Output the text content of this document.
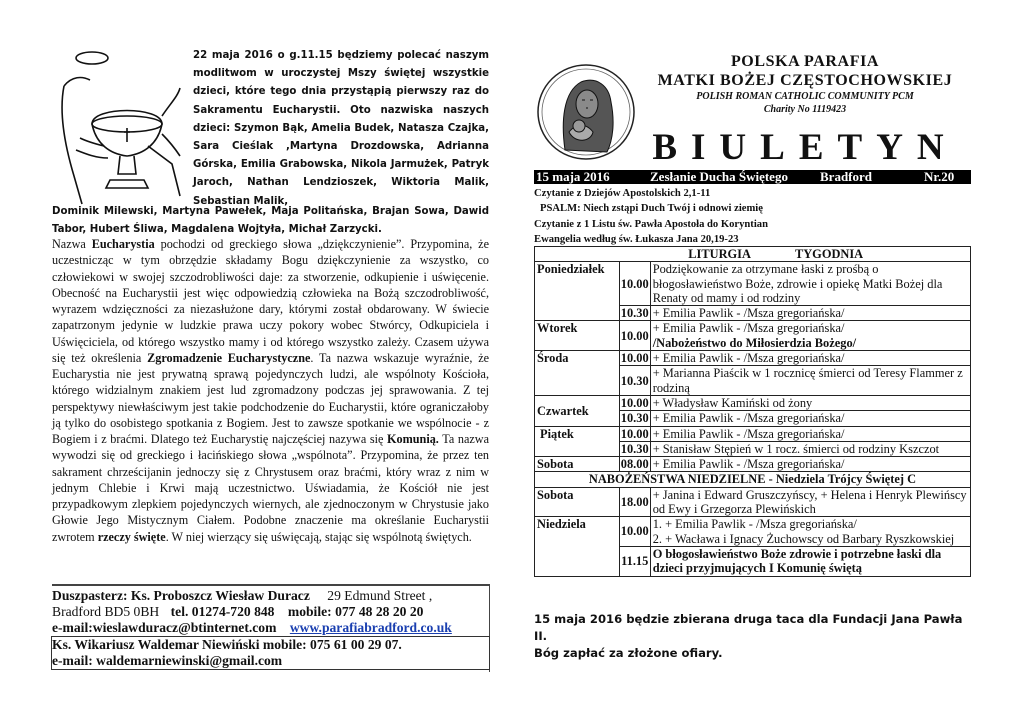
22 maja 2016 o g.11.15 będziemy polecać naszym modlitwom w uroczystej Mszy świętej wszystkie dzieci, które tego dnia przystąpią pierwszy raz do Sakramentu Eucharystii. Oto nazwiska naszych dzieci: Szymon Bąk, Amelia Budek, Natasza Czajka, Sara Cieślak ,Martyna Drozdowska, Adrianna Górska, Emilia Grabowska, Nikola Jarmużek, Patryk Jaroch, Nathan Lendzioszek, Wiktoria Malik, Sebastian Malik,
Dominik Milewski, Martyna Pawełek, Maja Politańska, Brajan Sowa, Dawid Tabor, Hubert Śliwa, Magdalena Wojtyła, Michał Zarzycki.
Nazwa Eucharystia pochodzi od greckiego słowa „dziękczynienie”. Przypomina, że uczestnicząc w tym obrzędzie składamy Bogu dziękczynienie za wszystko, co człowiekowi w swojej szczodrobliwości daje: za stworzenie, odkupienie i uświęcenie. Obecność na Eucharystii jest więc odpowiedzią człowieka na Bożą szczodrobliwość, wyrazem wdzięczności za niezasłużone dary, którymi został obdarowany. W świecie zapatrzonym jedynie w ludzkie prawa uczy pokory wobec Stwórcy, Odkupiciela i Uświęciciela, od którego wszystko mamy i od którego wszystko zależy. Czasem używa się też określenia Zgromadzenie Eucharystyczne. Ta nazwa wskazuje wyraźnie, że Eucharystia nie jest prywatną sprawą pojedynczych ludzi, ale wspólnoty Kościoła, którego widzialnym znakiem jest lud zgromadzony podczas jej sprawowania. Z tej perspektywy niewłaściwym jest takie podchodzenie do Eucharystii, które ograniczałoby ją tylko do osobistego spotkania z Bogiem. Jest to zawsze spotkanie we wspólnocie - z Bogiem i z braćmi. Dlatego też Eucharystię najczęściej nazywa się Komunią. Ta nazwa wywodzi się od greckiego i łacińskiego słowa „wspólnota”. Przypomina, że przez ten sakrament chrześcijanin jednoczy się z Chrystusem oraz braćmi, który wraz z nim w jednym Chlebie i Krwi mają uczestnictwo. Uświadamia, że Kościół nie jest przypadkowym zlepkiem pojedynczych wiernych, ale zjednoczonym w Chrystusie jako Głowie Jego Mistycznym Ciałem. Podobne znaczenie ma określanie Eucharystii zwrotem rzeczy święte. W niej wierzący się uświęcają, stając się wspólnotą świętych.
Duszpasterz: Ks. Proboszcz Wiesław Duracz 29 Edmund Street ,
Bradford BD5 0BH tel. 01274-720 848 mobile: 077 48 28 20 20
e-mail:wieslawduracz@btinternet.com www.parafiabradford.co.uk
Ks. Wikariusz Waldemar Niewiński mobile: 075 61 00 29 07.
e-mail: waldemarniewinski@gmail.com
POLSKA PARAFIA
MATKI BOŻEJ CZĘSTOCHOWSKIEJ
POLISH ROMAN CATHOLIC COMMUNITY PCM
Charity No 1119423
BIULETYN
15 maja 2016	Zesłanie Ducha Świętego	Bradford	Nr.20
Czytanie z Dziejów Apostolskich 2,1-11
PSALM: Niech zstąpi Duch Twój i odnowi ziemię
Czytanie z 1 Listu św. Pawła Apostoła do Koryntian
Ewangelia według św. Łukasza Jana 20,19-23
LITURGIA TYGODNIA		
Poniedziałek	10.00	Podziękowanie za otrzymane łaski z prośbą o błogosławieństwo Boże, zdrowie i opiekę Matki Bożej dla Renaty od mamy i od rodziny
	10.30	+ Emilia Pawlik - /Msza gregoriańska/
Wtorek	10.00	+ Emilia Pawlik - /Msza gregoriańska/
/Nabożeństwo do Miłosierdzia Bożego/

Środa	10.00	+ Emilia Pawlik - /Msza gregoriańska/
	10.30	+ Marianna Piaścik w 1 rocznicę śmierci od Teresy Flammer z rodziną
Czwartek	10.00	+ Władysław Kamiński od żony
	10.30	+ Emilia Pawlik - /Msza gregoriańska/
Piątek	10.00	+ Emilia Pawlik - /Msza gregoriańska/
	10.30	+ Stanisław Stępień w 1 rocz. śmierci od rodziny Kszczot
Sobota	08.00	+ Emilia Pawlik - /Msza gregoriańska/
NABOŻEŃSTWA NIEDZIELNE - Niedziela Trójcy Świętej C		
Sobota	18.00	+ Janina i Edward Gruszczyńscy, + Helena i Henryk Plewińscy od Ewy i Grzegorza Plewińskich
Niedziela	10.00	1. + Emilia Pawlik - /Msza gregoriańska/
2. + Wacława i Ignacy Żuchowscy od Barbary Ryszkowskiej

	11.15	O błogosławieństwo Boże zdrowie i potrzebne łaski dla dzieci przyjmujących I Komunię świętą
15 maja 2016 będzie zbierana druga taca dla Fundacji Jana Pawła II.
Bóg zapłać za złożone ofiary.
